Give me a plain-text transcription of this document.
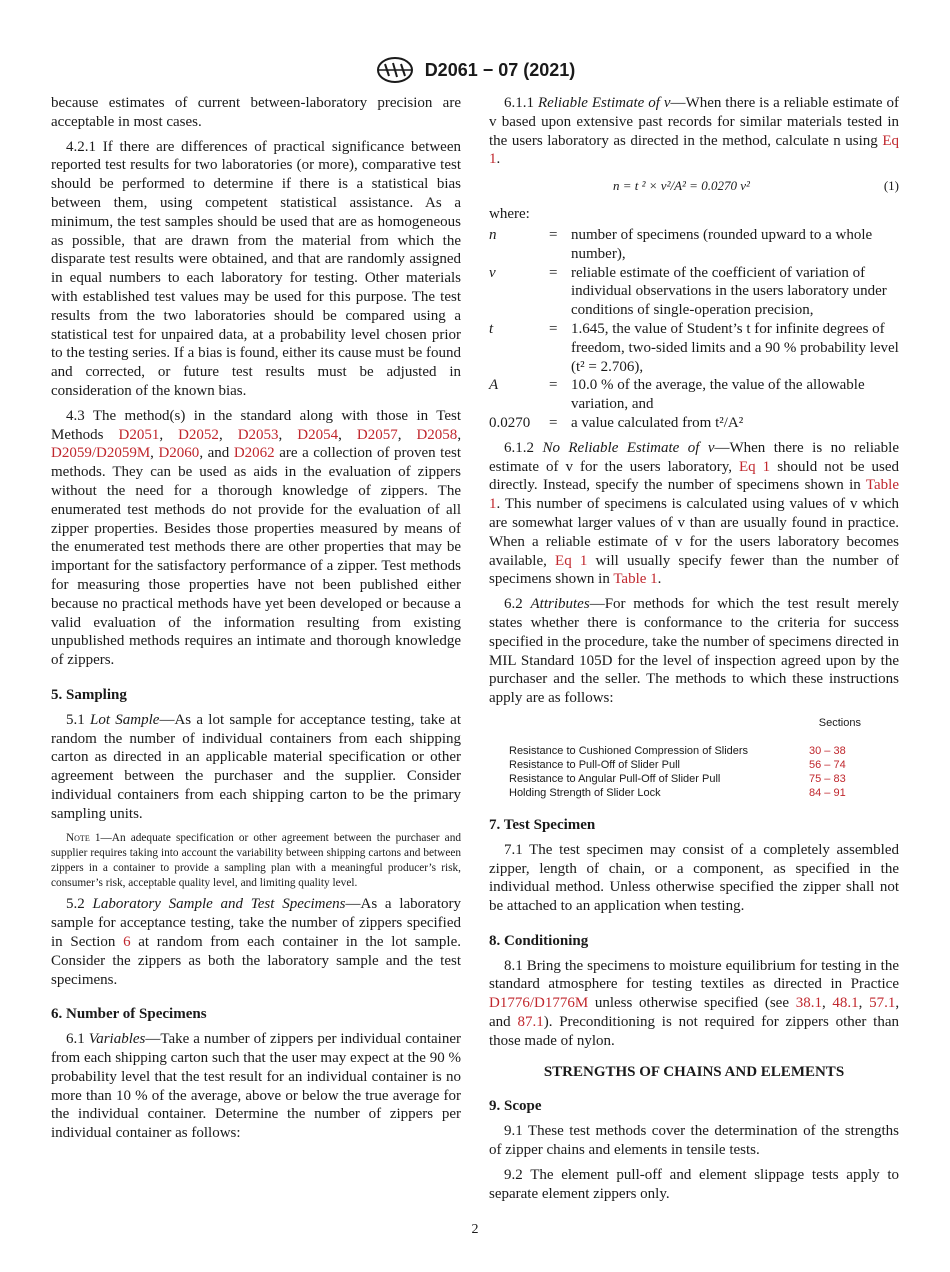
D2061 − 07 (2021)

because estimates of current between-laboratory precision are acceptable in most cases.

4.2.1 If there are differences of practical significance between reported test results for two laboratories (or more), comparative test should be performed to determine if there is a statistical bias between them, using competent statistical assistance. As a minimum, the test samples should be used that are as homogeneous as possible, that are drawn from the material from which the disparate test results were obtained, and that are randomly assigned in equal numbers to each laboratory for testing. Other materials with established test values may be used for this purpose. The test results from the two laboratories should be compared using a statistical test for unpaired data, at a probability level chosen prior to the testing series. If a bias is found, either its cause must be found and corrected, or future test results must be adjusted in consideration of the known bias.

4.3 The method(s) in the standard along with those in Test Methods D2051, D2052, D2053, D2054, D2057, D2058, D2059/D2059M, D2060, and D2062 are a collection of proven test methods. They can be used as aids in the evaluation of zippers without the need for a thorough knowledge of zippers. The enumerated test methods do not provide for the evaluation of all zipper properties. Besides those properties measured by means of the enumerated test methods there are other properties that may be important for the satisfactory performance of a zipper. Test methods for measuring those properties have not been published either because no practical methods have yet been developed or because a valid evaluation of the information resulting from existing unpublished methods requires an intimate and thorough knowledge of zippers.

5. Sampling

5.1 Lot Sample—As a lot sample for acceptance testing, take at random the number of individual containers from each shipping carton as directed in an applicable material specification or other agreement between the purchaser and the supplier. Consider individual containers from each shipping carton to be the primary sampling units.

Note 1—An adequate specification or other agreement between the purchaser and supplier requires taking into account the variability between shipping cartons and between zippers in a container to provide a sampling plan with a meaningful producer’s risk, consumer’s risk, acceptable quality level, and limiting quality level.

5.2 Laboratory Sample and Test Specimens—As a laboratory sample for acceptance testing, take the number of zippers specified in Section 6 at random from each container in the lot sample. Consider the zippers as both the laboratory sample and the test specimens.

6. Number of Specimens

6.1 Variables—Take a number of zippers per individual container from each shipping carton such that the user may expect at the 90 % probability level that the test result for an individual container is no more than 10 % of the average, above or below the true average for the individual container. Determine the number of zippers per individual container as follows:

6.1.1 Reliable Estimate of v—When there is a reliable estimate of v based upon extensive past records for similar materials tested in the users laboratory as directed in the method, calculate n using Eq 1.

n = t ² × v²/A² = 0.0270 v²	(1)
where:
n	= number of specimens (rounded upward to a whole number),
v	= reliable estimate of the coefficient of variation of individual observations in the users laboratory under conditions of single-operation precision,
t	= 1.645, the value of Student’s t for infinite degrees of freedom, two-sided limits and a 90 % probability level (t² = 2.706),
A	= 10.0 % of the average, the value of the allowable variation, and
0.0270	= a value calculated from t²/A²

6.1.2 No Reliable Estimate of v—When there is no reliable estimate of v for the users laboratory, Eq 1 should not be used directly. Instead, specify the number of specimens shown in Table 1. This number of specimens is calculated using values of v which are somewhat larger values of v than are usually found in practice. When a reliable estimate of v for the users laboratory becomes available, Eq 1 will usually specify fewer than the number of specimens shown in Table 1.

6.2 Attributes—For methods for which the test result merely states whether there is conformance to the criteria for success specified in the procedure, take the number of specimens directed in MIL Standard 105D for the level of inspection agreed upon by the purchaser and the seller. The methods to which these instructions apply are as follows:

Sections
Resistance to Cushioned Compression of Sliders	30 – 38
Resistance to Pull-Off of Slider Pull	56 – 74
Resistance to Angular Pull-Off of Slider Pull	75 – 83
Holding Strength of Slider Lock	84 – 91
7. Test Specimen

7.1 The test specimen may consist of a completely assembled zipper, length of chain, or a component, as specified in the individual method. Unless otherwise specified the zipper shall not be attached to an application when testing.

8. Conditioning

8.1 Bring the specimens to moisture equilibrium for testing in the standard atmosphere for testing textiles as directed in Practice D1776/D1776M unless otherwise specified (see 38.1, 48.1, 57.1, and 87.1). Preconditioning is not required for zippers other than those made of nylon.

STRENGTHS OF CHAINS AND ELEMENTS
9. Scope

9.1 These test methods cover the determination of the strengths of zipper chains and elements in tensile tests.

9.2 The element pull-off and element slippage tests apply to separate element zippers only.

2
